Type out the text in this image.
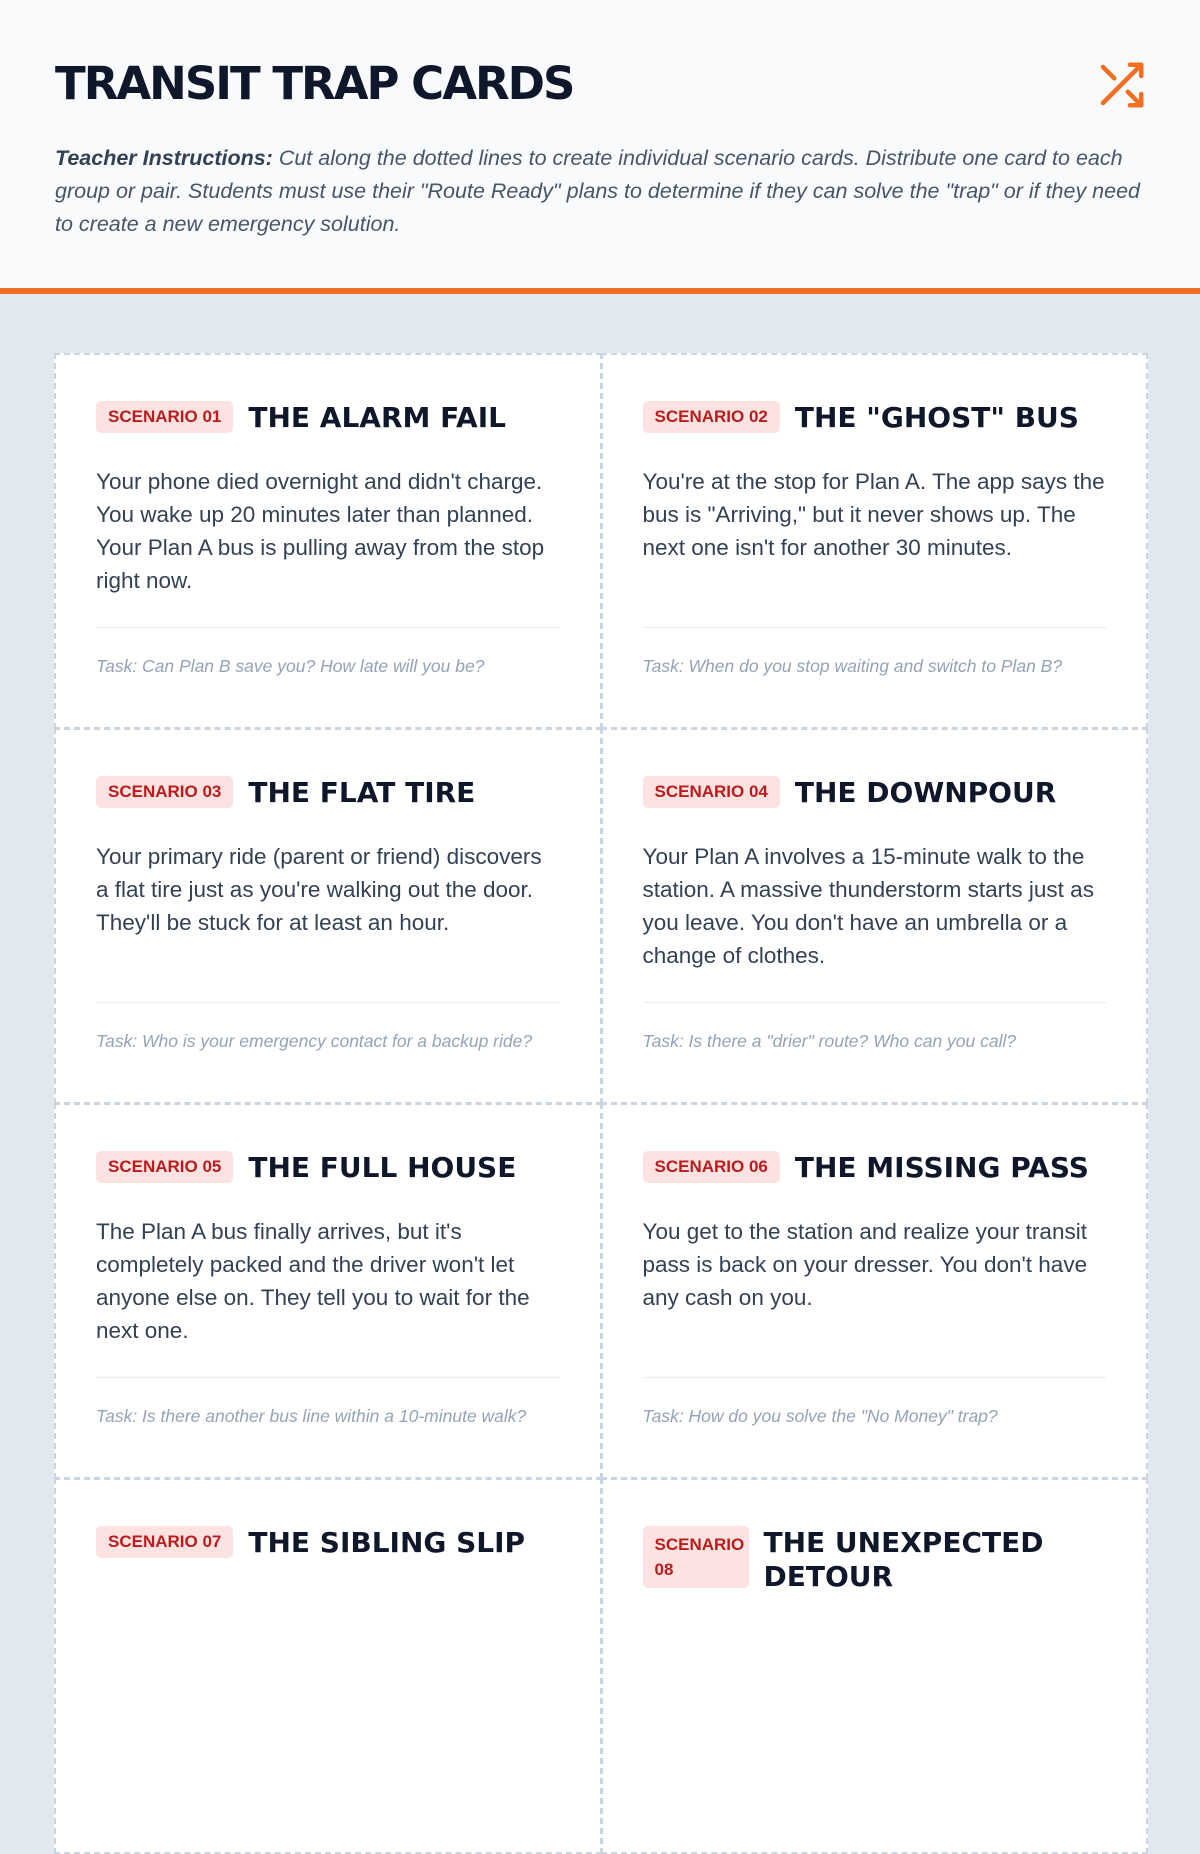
TRANSIT TRAP CARDS

Teacher Instructions: Cut along the dotted lines to create individual scenario cards. Distribute one card to each group or pair. Students must use their "Route Ready" plans to determine if they can solve the "trap" or if they need to create a new emergency solution.

SCENARIO 01 THE ALARM FAIL

Your phone died overnight and didn't charge. You wake up 20 minutes later than planned. Your Plan A bus is pulling away from the stop right now.

Task: Can Plan B save you? How late will you be?
SCENARIO 02 THE "GHOST" BUS

You're at the stop for Plan A. The app says the bus is "Arriving," but it never shows up. The next one isn't for another 30 minutes.

Task: When do you stop waiting and switch to Plan B?
SCENARIO 03 THE FLAT TIRE

Your primary ride (parent or friend) discovers a flat tire just as you're walking out the door. They'll be stuck for at least an hour.

Task: Who is your emergency contact for a backup ride?
SCENARIO 04 THE DOWNPOUR

Your Plan A involves a 15-minute walk to the station. A massive thunderstorm starts just as you leave. You don't have an umbrella or a change of clothes.

Task: Is there a "drier" route? Who can you call?
SCENARIO 05 THE FULL HOUSE

The Plan A bus finally arrives, but it's completely packed and the driver won't let anyone else on. They tell you to wait for the next one.

Task: Is there another bus line within a 10-minute walk?
SCENARIO 06 THE MISSING PASS

You get to the station and realize your transit pass is back on your dresser. You don't have any cash on you.

Task: How do you solve the "No Money" trap?
SCENARIO 07 THE SIBLING SLIP	SCENARIO 08
THE UNEXPECTED DETOUR
